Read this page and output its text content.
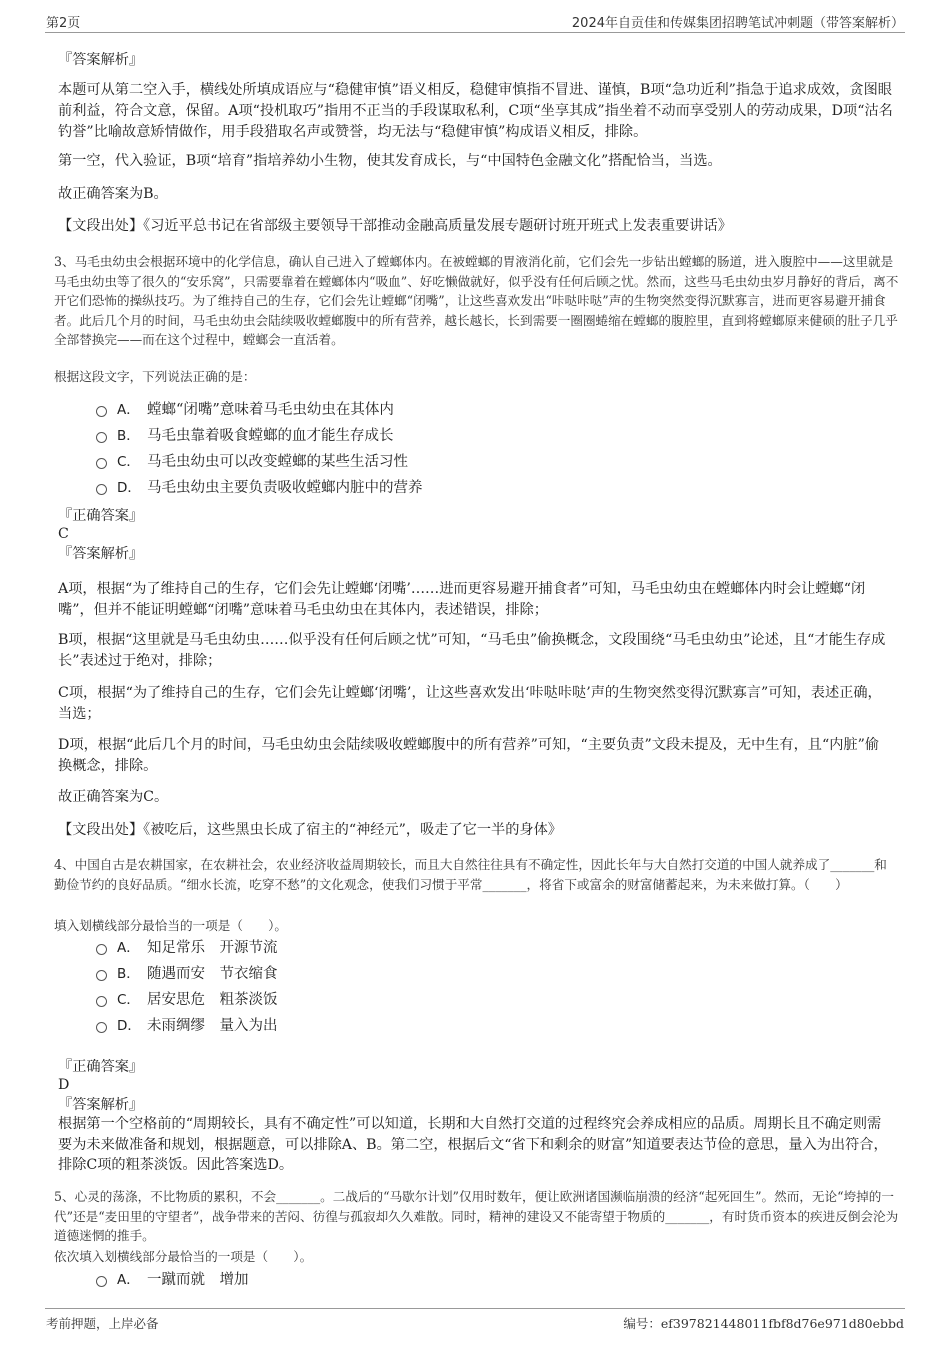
第2页	2024年自贡佳和传媒集团招聘笔试冲刺题（带答案解析）
『答案解析』

本题可从第二空入手，横线处所填成语应与“稳健审慎”语义相反，稳健审慎指不冒进、谨慎，B项“急功近利”指急于追求成效，贪图眼前利益，符合文意，保留。A项“投机取巧”指用不正当的手段谋取私利，C项“坐享其成”指坐着不动而享受别人的劳动成果，D项“沽名钓誉”比喻故意矫情做作，用手段猎取名声或赞誉，均无法与“稳健审慎”构成语义相反，排除。

第一空，代入验证，B项“培育”指培养幼小生物，使其发育成长，与“中国特色金融文化”搭配恰当，当选。

故正确答案为B。

【文段出处】《习近平总书记在省部级主要领导干部推动金融高质量发展专题研讨班开班式上发表重要讲话》

3、马毛虫幼虫会根据环境中的化学信息，确认自己进入了螳螂体内。在被螳螂的胃液消化前，它们会先一步钻出螳螂的肠道，进入腹腔中——这里就是马毛虫幼虫等了很久的“安乐窝”，只需要靠着在螳螂体内“吸血”、好吃懒做就好，似乎没有任何后顾之忧。然而，这些马毛虫幼虫岁月静好的背后，离不开它们恐怖的操纵技巧。为了维持自己的生存，它们会先让螳螂“闭嘴”，让这些喜欢发出“咔哒咔哒”声的生物突然变得沉默寡言，进而更容易避开捕食者。此后几个月的时间，马毛虫幼虫会陆续吸收螳螂腹中的所有营养，越长越长，长到需要一圈圈蜷缩在螳螂的腹腔里，直到将螳螂原来健硕的肚子几乎全部替换完——而在这个过程中，螳螂会一直活着。

根据这段文字，下列说法正确的是：

A． 螳螂“闭嘴”意味着马毛虫幼虫在其体内
B． 马毛虫靠着吸食螳螂的血才能生存成长
C． 马毛虫幼虫可以改变螳螂的某些生活习性
D． 马毛虫幼虫主要负责吸收螳螂内脏中的营养
『正确答案』
C
『答案解析』

A项，根据“为了维持自己的生存，它们会先让螳螂‘闭嘴’……进而更容易避开捕食者”可知，马毛虫幼虫在螳螂体内时会让螳螂“闭嘴”，但并不能证明螳螂“闭嘴”意味着马毛虫幼虫在其体内，表述错误，排除；

B项，根据“这里就是马毛虫幼虫……似乎没有任何后顾之忧”可知，“马毛虫”偷换概念，文段围绕“马毛虫幼虫”论述，且“才能生存成长”表述过于绝对，排除；

C项，根据“为了维持自己的生存，它们会先让螳螂‘闭嘴’，让这些喜欢发出‘咔哒咔哒’声的生物突然变得沉默寡言”可知，表述正确，当选；

D项，根据“此后几个月的时间，马毛虫幼虫会陆续吸收螳螂腹中的所有营养”可知，“主要负责”文段未提及，无中生有，且“内脏”偷换概念，排除。

故正确答案为C。

【文段出处】《被吃后，这些黑虫长成了宿主的“神经元”，吸走了它一半的身体》

4、中国自古是农耕国家，在农耕社会，农业经济收益周期较长，而且大自然往往具有不确定性，因此长年与大自然打交道的中国人就养成了_______和勤俭节约的良好品质。“细水长流，吃穿不愁”的文化观念，使我们习惯于平常_______，将省下或富余的财富储蓄起来，为未来做打算。（　　）

填入划横线部分最恰当的一项是（　　）。

A． 知足常乐　开源节流
B． 随遇而安　节衣缩食
C． 居安思危　粗茶淡饭
D． 未雨绸缪　量入为出
『正确答案』
D
『答案解析』

根据第一个空格前的“周期较长，具有不确定性”可以知道，长期和大自然打交道的过程终究会养成相应的品质。周期长且不确定则需要为未来做准备和规划，根据题意，可以排除A、B。第二空，根据后文“省下和剩余的财富”知道要表达节俭的意思，量入为出符合，排除C项的粗茶淡饭。因此答案选D。

5、心灵的荡涤，不比物质的累积，不会_______。二战后的“马歇尔计划”仅用时数年，便让欧洲诸国濒临崩溃的经济“起死回生”。然而，无论“垮掉的一代”还是“麦田里的守望者”，战争带来的苦闷、彷徨与孤寂却久久难散。同时，精神的建设又不能寄望于物质的_______，有时货币资本的疾进反倒会沦为道德迷惘的推手。

依次填入划横线部分最恰当的一项是（　　）。

A． 一蹴而就　增加
考前押题，上岸必备	编号：ef397821448011fbf8d76e971d80ebbd
